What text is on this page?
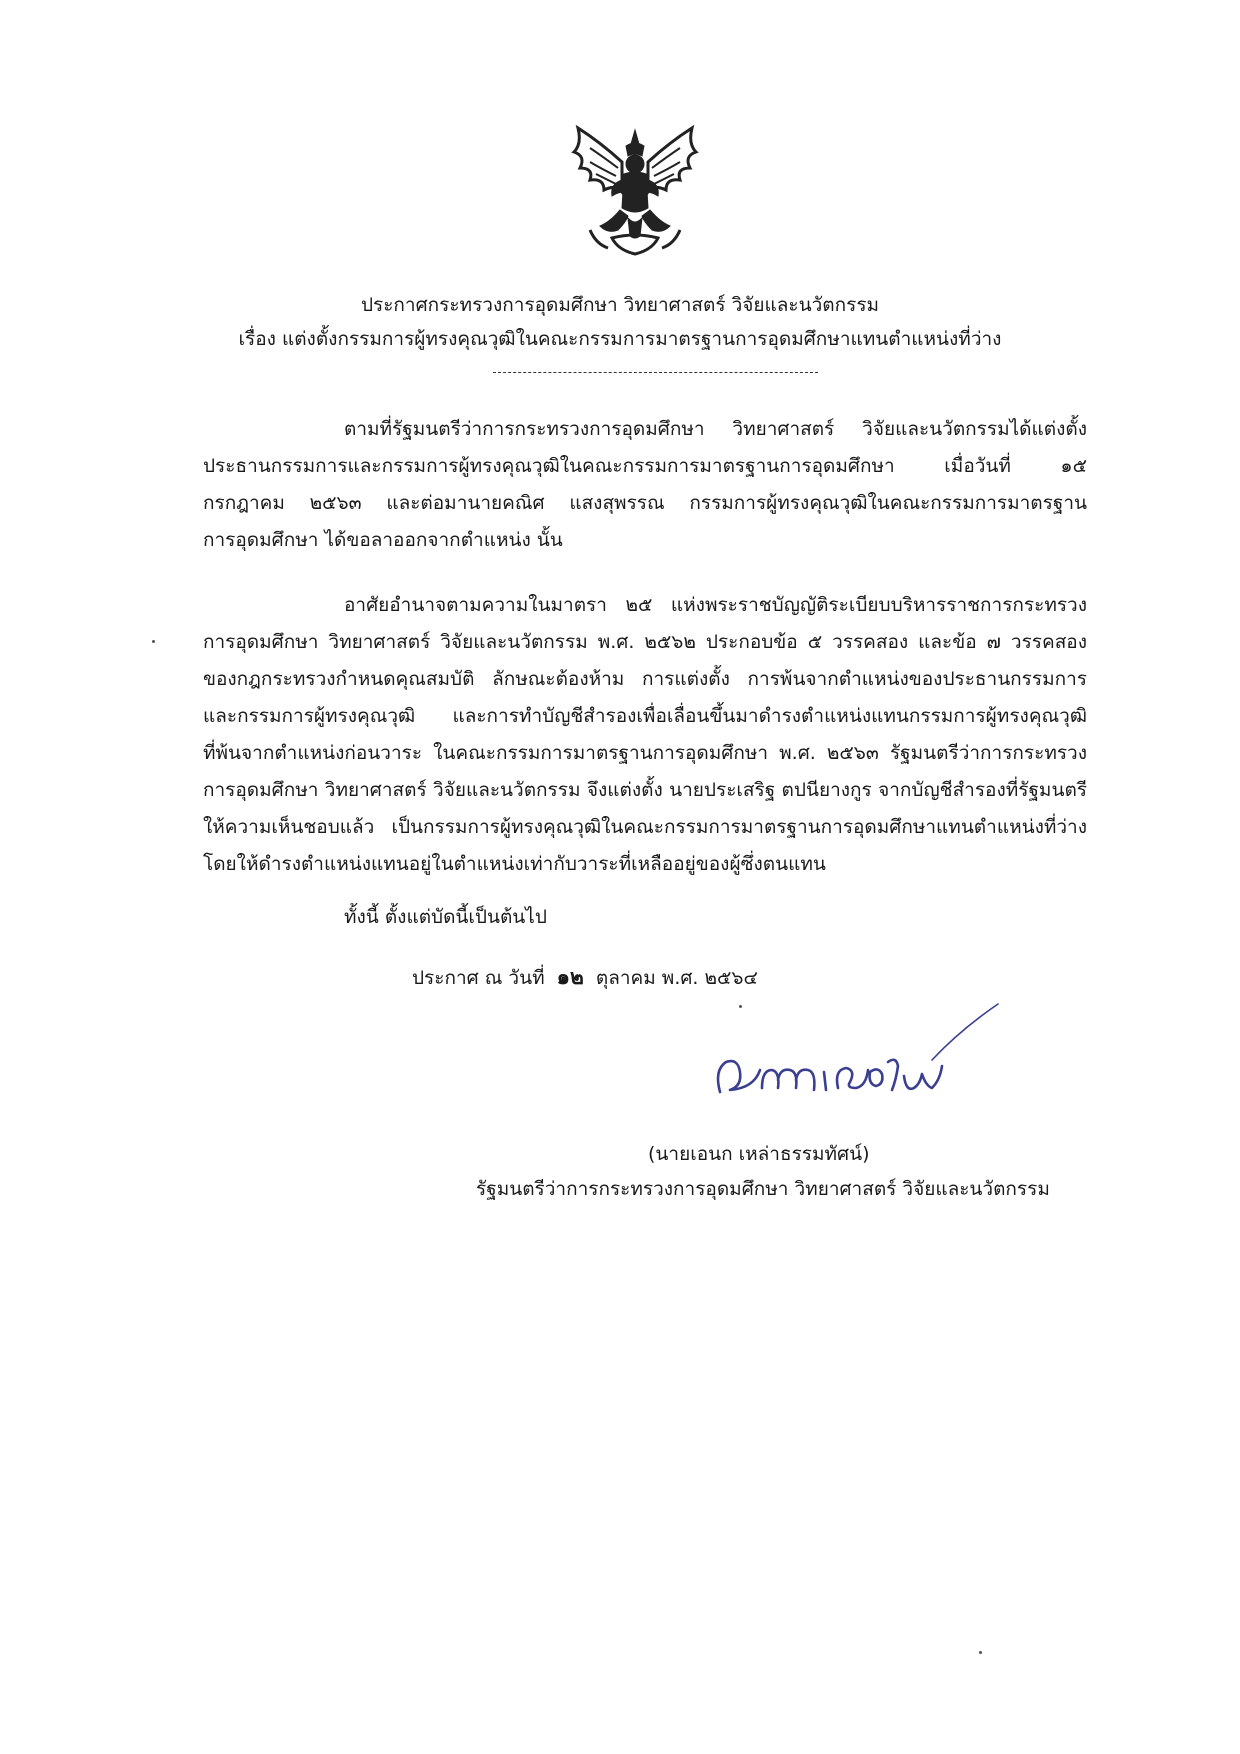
ประกาศกระทรวงการอุดมศึกษา วิทยาศาสตร์ วิจัยและนวัตกรรม
เรื่อง แต่งตั้งกรรมการผู้ทรงคุณวุฒิในคณะกรรมการมาตรฐานการอุดมศึกษาแทนตำแหน่งที่ว่าง
ตามที่รัฐมนตรีว่าการกระทรวงการอุดมศึกษา วิทยาศาสตร์ วิจัยและนวัตกรรมได้แต่งตั้ง
ประธานกรรมการและกรรมการผู้ทรงคุณวุฒิในคณะกรรมการมาตรฐานการอุดมศึกษา เมื่อวันที่ ๑๕
กรกฎาคม ๒๕๖๓ และต่อมานายคณิศ แสงสุพรรณ กรรมการผู้ทรงคุณวุฒิในคณะกรรมการมาตรฐาน
การอุดมศึกษา ได้ขอลาออกจากตำแหน่ง นั้น
อาศัยอำนาจตามความในมาตรา ๒๕ แห่งพระราชบัญญัติระเบียบบริหารราชการกระทรวง
การอุดมศึกษา วิทยาศาสตร์ วิจัยและนวัตกรรม พ.ศ. ๒๕๖๒ ประกอบข้อ ๕ วรรคสอง และข้อ ๗ วรรคสอง
ของกฎกระทรวงกำหนดคุณสมบัติ ลักษณะต้องห้าม การแต่งตั้ง การพ้นจากตำแหน่งของประธานกรรมการ
และกรรมการผู้ทรงคุณวุฒิ และการทำบัญชีสำรองเพื่อเลื่อนขึ้นมาดำรงตำแหน่งแทนกรรมการผู้ทรงคุณวุฒิ
ที่พ้นจากตำแหน่งก่อนวาระ ในคณะกรรมการมาตรฐานการอุดมศึกษา พ.ศ. ๒๕๖๓ รัฐมนตรีว่าการกระทรวง
การอุดมศึกษา วิทยาศาสตร์ วิจัยและนวัตกรรม จึงแต่งตั้ง นายประเสริฐ ตปนียางกูร จากบัญชีสำรองที่รัฐมนตรี
ให้ความเห็นชอบแล้ว เป็นกรรมการผู้ทรงคุณวุฒิในคณะกรรมการมาตรฐานการอุดมศึกษาแทนตำแหน่งที่ว่าง
โดยให้ดำรงตำแหน่งแทนอยู่ในตำแหน่งเท่ากับวาระที่เหลืออยู่ของผู้ซึ่งตนแทน
ทั้งนี้ ตั้งแต่บัดนี้เป็นต้นไป
ประกาศ ณ วันที่ ๑๒ ตุลาคม พ.ศ. ๒๕๖๔
(นายเอนก เหล่าธรรมทัศน์)
รัฐมนตรีว่าการกระทรวงการอุดมศึกษา วิทยาศาสตร์ วิจัยและนวัตกรรม
